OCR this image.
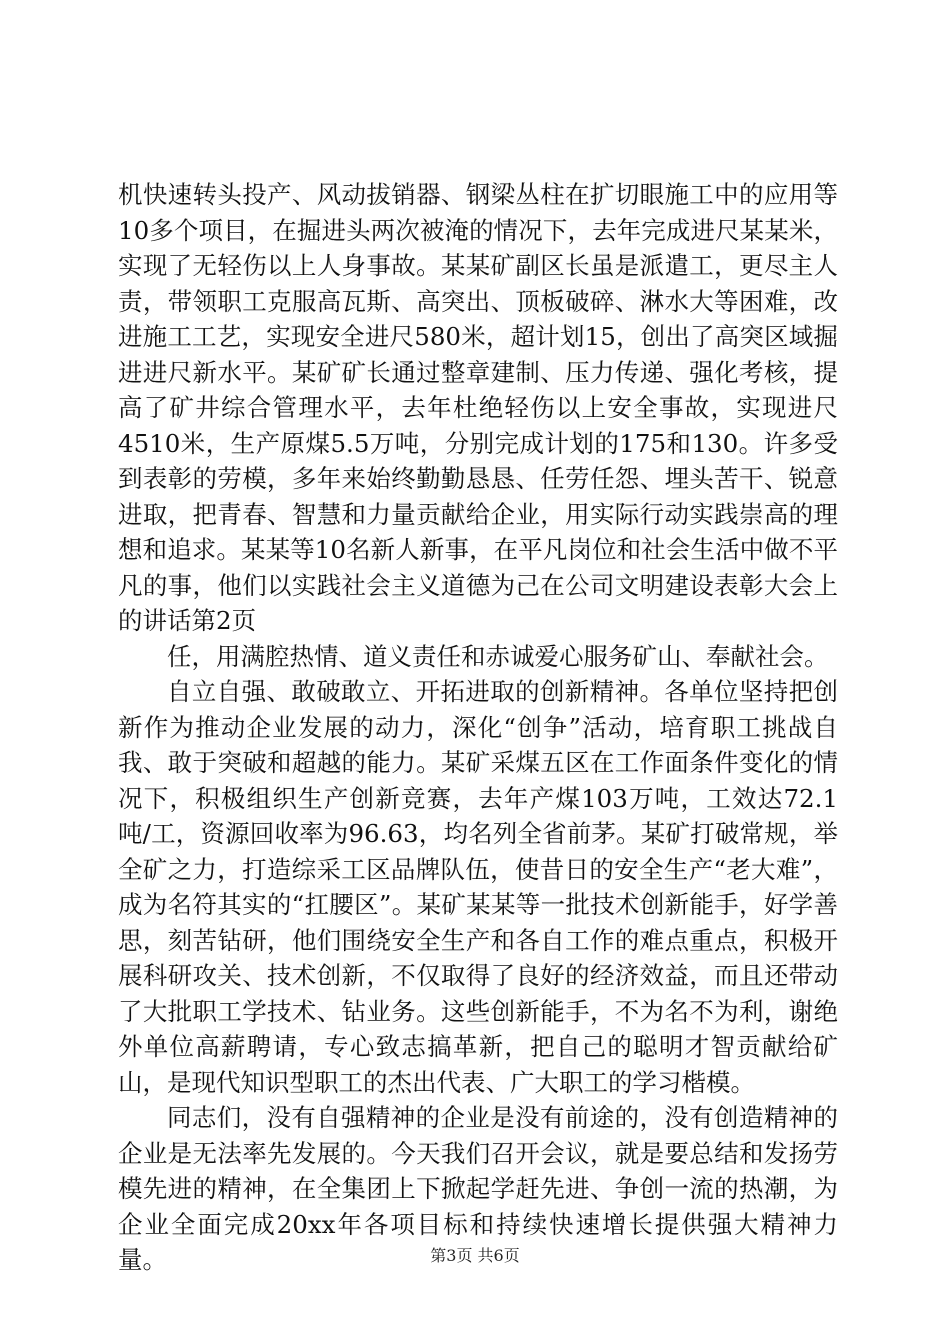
机快速转头投产、风动拔销器、钢梁丛柱在扩切眼施工中的应用等10多个项目，在掘进头两次被淹的情况下，去年完成进尺某某米，实现了无轻伤以上人身事故。某某矿副区长虽是派遣工，更尽主人责，带领职工克服高瓦斯、高突出、顶板破碎、淋水大等困难，改进施工工艺，实现安全进尺580米，超计划15，创出了高突区域掘进进尺新水平。某矿矿长通过整章建制、压力传递、强化考核，提高了矿井综合管理水平，去年杜绝轻伤以上安全事故，实现进尺4510米，生产原煤5.5万吨，分别完成计划的175和130。许多受到表彰的劳模，多年来始终勤勤恳恳、任劳任怨、埋头苦干、锐意进取，把青春、智慧和力量贡献给企业，用实际行动实践崇高的理想和追求。某某等10名新人新事，在平凡岗位和社会生活中做不平凡的事，他们以实践社会主义道德为己在公司文明建设表彰大会上的讲话第2页

任，用满腔热情、道义责任和赤诚爱心服务矿山、奉献社会。

自立自强、敢破敢立、开拓进取的创新精神。各单位坚持把创新作为推动企业发展的动力，深化“创争”活动，培育职工挑战自我、敢于突破和超越的能力。某矿采煤五区在工作面条件变化的情况下，积极组织生产创新竞赛，去年产煤103万吨，工效达72.1吨/工，资源回收率为96.63，均名列全省前茅。某矿打破常规，举全矿之力，打造综采工区品牌队伍，使昔日的安全生产“老大难”，成为名符其实的“扛腰区”。某矿某某等一批技术创新能手，好学善思，刻苦钻研，他们围绕安全生产和各自工作的难点重点，积极开展科研攻关、技术创新，不仅取得了良好的经济效益，而且还带动了大批职工学技术、钻业务。这些创新能手，不为名不为利，谢绝外单位高薪聘请，专心致志搞革新，把自己的聪明才智贡献给矿山，是现代知识型职工的杰出代表、广大职工的学习楷模。

同志们，没有自强精神的企业是没有前途的，没有创造精神的企业是无法率先发展的。今天我们召开会议，就是要总结和发扬劳模先进的精神，在全集团上下掀起学赶先进、争创一流的热潮，为企业全面完成20xx年各项目标和持续快速增长提供强大精神力量。	第3页 共6页
